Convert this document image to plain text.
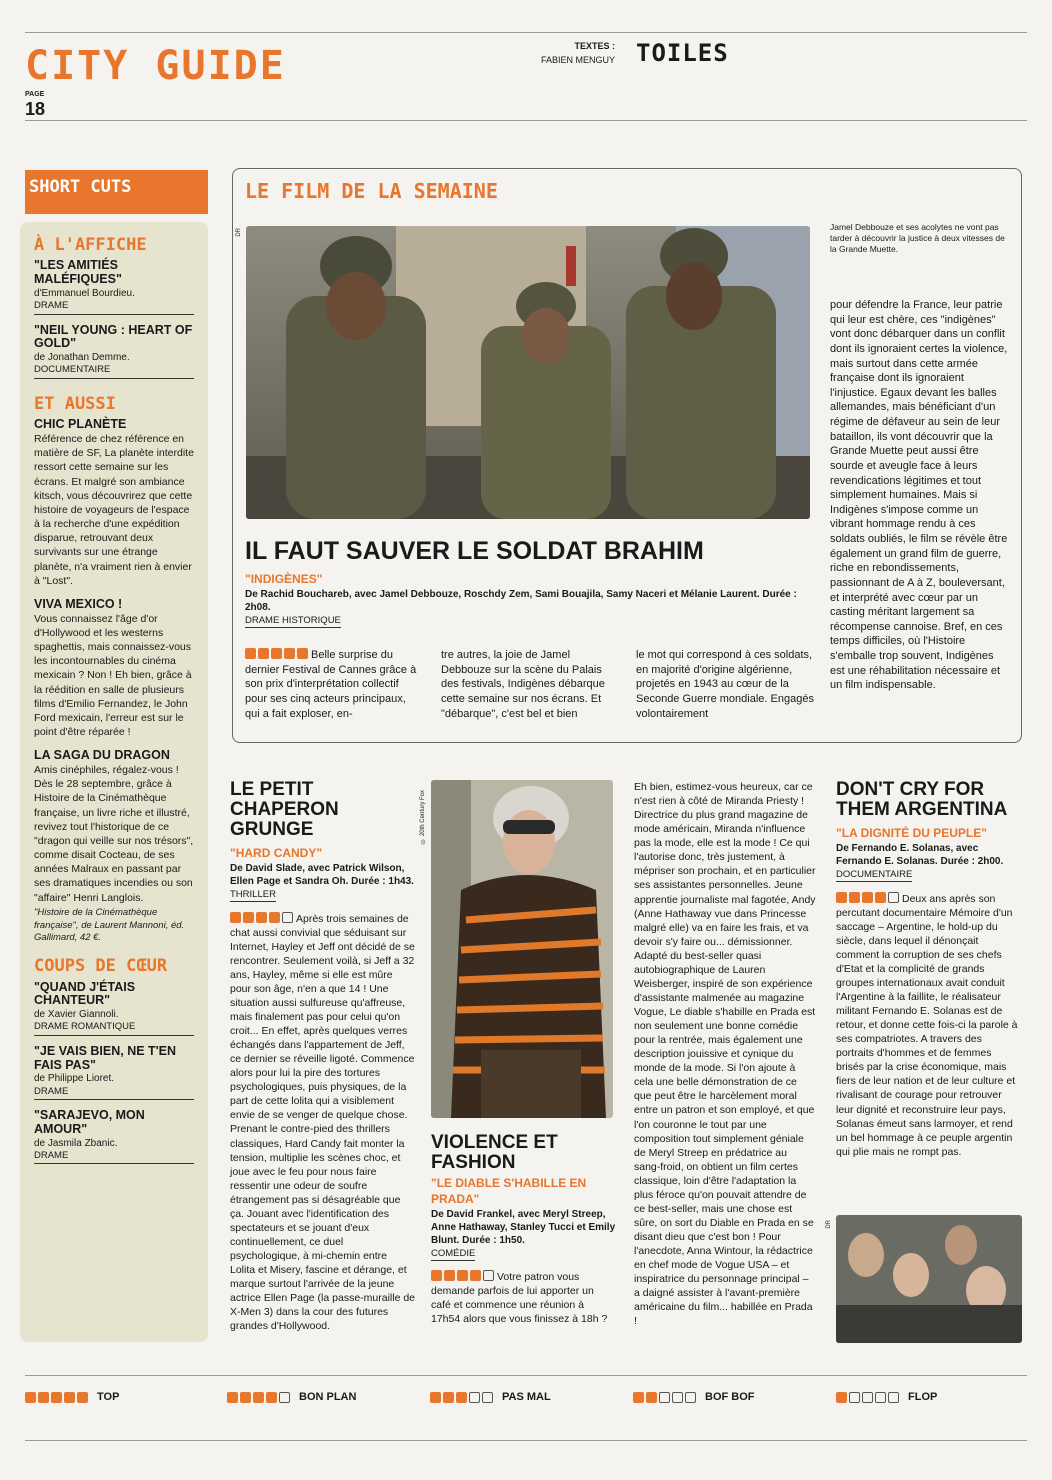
CITY GUIDE
PAGE
18
TEXTES :
FABIEN MENGUY TOILES
SHORT CUTS
À L'AFFICHE
"LES AMITIÉS MALÉFIQUES"
d'Emmanuel Bourdieu.
DRAME
"NEIL YOUNG : HEART OF GOLD"
de Jonathan Demme.
DOCUMENTAIRE
ET AUSSI
CHIC PLANÈTE
Référence de chez référence en matière de SF, La planète interdite ressort cette semaine sur les écrans. Et malgré son ambiance kitsch, vous découvrirez que cette histoire de voyageurs de l'espace à la recherche d'une expédition disparue, retrouvant deux survivants sur une étrange planète, n'a vraiment rien à envier à "Lost".
VIVA MEXICO !
Vous connaissez l'âge d'or d'Hollywood et les westerns spaghettis, mais connaissez-vous les incontournables du cinéma mexicain ? Non ! Eh bien, grâce à la réédition en salle de plusieurs films d'Emilio Fernandez, le John Ford mexicain, l'erreur est sur le point d'être réparée !
LA SAGA DU DRAGON
Amis cinéphiles, régalez-vous ! Dès le 28 septembre, grâce à Histoire de la Cinémathèque française, un livre riche et illustré, revivez tout l'historique de ce "dragon qui veille sur nos trésors", comme disait Cocteau, de ses années Malraux en passant par ses dramatiques incendies ou son "affaire" Henri Langlois.
"Histoire de la Cinémathèque française", de Laurent Mannoni, éd. Gallimard, 42 €.
COUPS DE CŒUR
"QUAND J'ÉTAIS CHANTEUR"
de Xavier Giannoli.
DRAME ROMANTIQUE
"JE VAIS BIEN, NE T'EN FAIS PAS"
de Philippe Lioret.
DRAME
"SARAJEVO, MON AMOUR"
de Jasmila Zbanic.
DRAME
LE FILM DE LA SEMAINE
DR
Jamel Debbouze et ses acolytes ne vont pas tarder à découvrir la justice à deux vitesses de la Grande Muette.
IL FAUT SAUVER LE SOLDAT BRAHIM
"INDIGÈNES"
De Rachid Bouchareb, avec Jamel Debbouze, Roschdy Zem, Sami Bouajila, Samy Naceri et Mélanie Laurent. Durée : 2h08.
DRAME HISTORIQUE
Belle surprise du dernier Festival de Cannes grâce à son prix d'interprétation collectif pour ses cinq acteurs principaux, qui a fait exploser, en-
tre autres, la joie de Jamel Debbouze sur la scène du Palais des festivals, Indigènes débarque cette semaine sur nos écrans. Et "débarque", c'est bel et bien
le mot qui correspond à ces soldats, en majorité d'origine algérienne, projetés en 1943 au cœur de la Seconde Guerre mondiale. Engagés volontairement
pour défendre la France, leur patrie qui leur est chère, ces "indigènes" vont donc débarquer dans un conflit dont ils ignoraient certes la violence, mais surtout dans cette armée française dont ils ignoraient l'injustice. Egaux devant les balles allemandes, mais bénéficiant d'un régime de défaveur au sein de leur bataillon, ils vont découvrir que la Grande Muette peut aussi être sourde et aveugle face à leurs revendications légitimes et tout simplement humaines. Mais si Indigènes s'impose comme un vibrant hommage rendu à ces soldats oubliés, le film se révèle être également un grand film de guerre, riche en rebondissements, passionnant de A à Z, bouleversant, et interprété avec cœur par un casting méritant largement sa récompense cannoise. Bref, en ces temps difficiles, où l'Histoire s'emballe trop souvent, Indigènes est une réhabilitation nécessaire et un film indispensable.
LE PETIT CHAPERON GRUNGE
"HARD CANDY"
De David Slade, avec Patrick Wilson, Ellen Page et Sandra Oh. Durée : 1h43.
THRILLER
Après trois semaines de chat aussi convivial que séduisant sur Internet, Hayley et Jeff ont décidé de se rencontrer. Seulement voilà, si Jeff a 32 ans, Hayley, même si elle est mûre pour son âge, n'en a que 14 ! Une situation aussi sulfureuse qu'affreuse, mais finalement pas pour celui qu'on croit... En effet, après quelques verres échangés dans l'appartement de Jeff, ce dernier se réveille ligoté. Commence alors pour lui la pire des tortures psychologiques, puis physiques, de la part de cette lolita qui a visiblement envie de se venger de quelque chose. Prenant le contre-pied des thrillers classiques, Hard Candy fait monter la tension, multiplie les scènes choc, et joue avec le feu pour nous faire ressentir une odeur de soufre étrangement pas si désagréable que ça. Jouant avec l'identification des spectateurs et se jouant d'eux continuellement, ce duel psychologique, à mi-chemin entre Lolita et Misery, fascine et dérange, et marque surtout l'arrivée de la jeune actrice Ellen Page (la passe-muraille de X-Men 3) dans la cour des futures grandes d'Hollywood.
© 20th Century Fox
VIOLENCE ET FASHION
"LE DIABLE S'HABILLE EN PRADA"
De David Frankel, avec Meryl Streep, Anne Hathaway, Stanley Tucci et Emily Blunt. Durée : 1h50.
COMÉDIE
Votre patron vous demande parfois de lui apporter un café et commence une réunion à 17h54 alors que vous finissez à 18h ?
Eh bien, estimez-vous heureux, car ce n'est rien à côté de Miranda Priesty ! Directrice du plus grand magazine de mode américain, Miranda n'influence pas la mode, elle est la mode ! Ce qui l'autorise donc, très justement, à mépriser son prochain, et en particulier ses assistantes personnelles. Jeune apprentie journaliste mal fagotée, Andy (Anne Hathaway vue dans Princesse malgré elle) va en faire les frais, et va devoir s'y faire ou... démissionner. Adapté du best-seller quasi autobiographique de Lauren Weisberger, inspiré de son expérience d'assistante malmenée au magazine Vogue, Le diable s'habille en Prada est non seulement une bonne comédie pour la rentrée, mais également une description jouissive et cynique du monde de la mode. Si l'on ajoute à cela une belle démonstration de ce que peut être le harcèlement moral entre un patron et son employé, et que l'on couronne le tout par une composition tout simplement géniale de Meryl Streep en prédatrice au sang-froid, on obtient un film certes classique, loin d'être l'adaptation la plus féroce qu'on pouvait attendre de ce best-seller, mais une chose est sûre, on sort du Diable en Prada en se disant dieu que c'est bon ! Pour l'anecdote, Anna Wintour, la rédactrice en chef mode de Vogue USA – et inspiratrice du personnage principal – a daigné assister à l'avant-première américaine du film... habillée en Prada !
DON'T CRY FOR THEM ARGENTINA
"LA DIGNITÉ DU PEUPLE"
De Fernando E. Solanas, avec Fernando E. Solanas. Durée : 2h00.
DOCUMENTAIRE
Deux ans après son percutant documentaire Mémoire d'un saccage – Argentine, le hold-up du siècle, dans lequel il dénonçait comment la corruption de ses chefs d'Etat et la complicité de grands groupes internationaux avait conduit l'Argentine à la faillite, le réalisateur militant Fernando E. Solanas est de retour, et donne cette fois-ci la parole à ses compatriotes. A travers des portraits d'hommes et de femmes brisés par la crise économique, mais fiers de leur nation et de leur culture et rivalisant de courage pour retrouver leur dignité et reconstruire leur pays, Solanas émeut sans larmoyer, et rend un bel hommage à ce peuple argentin qui plie mais ne rompt pas.
DR
TOP	BON PLAN	PAS MAL	BOF BOF	FLOP
